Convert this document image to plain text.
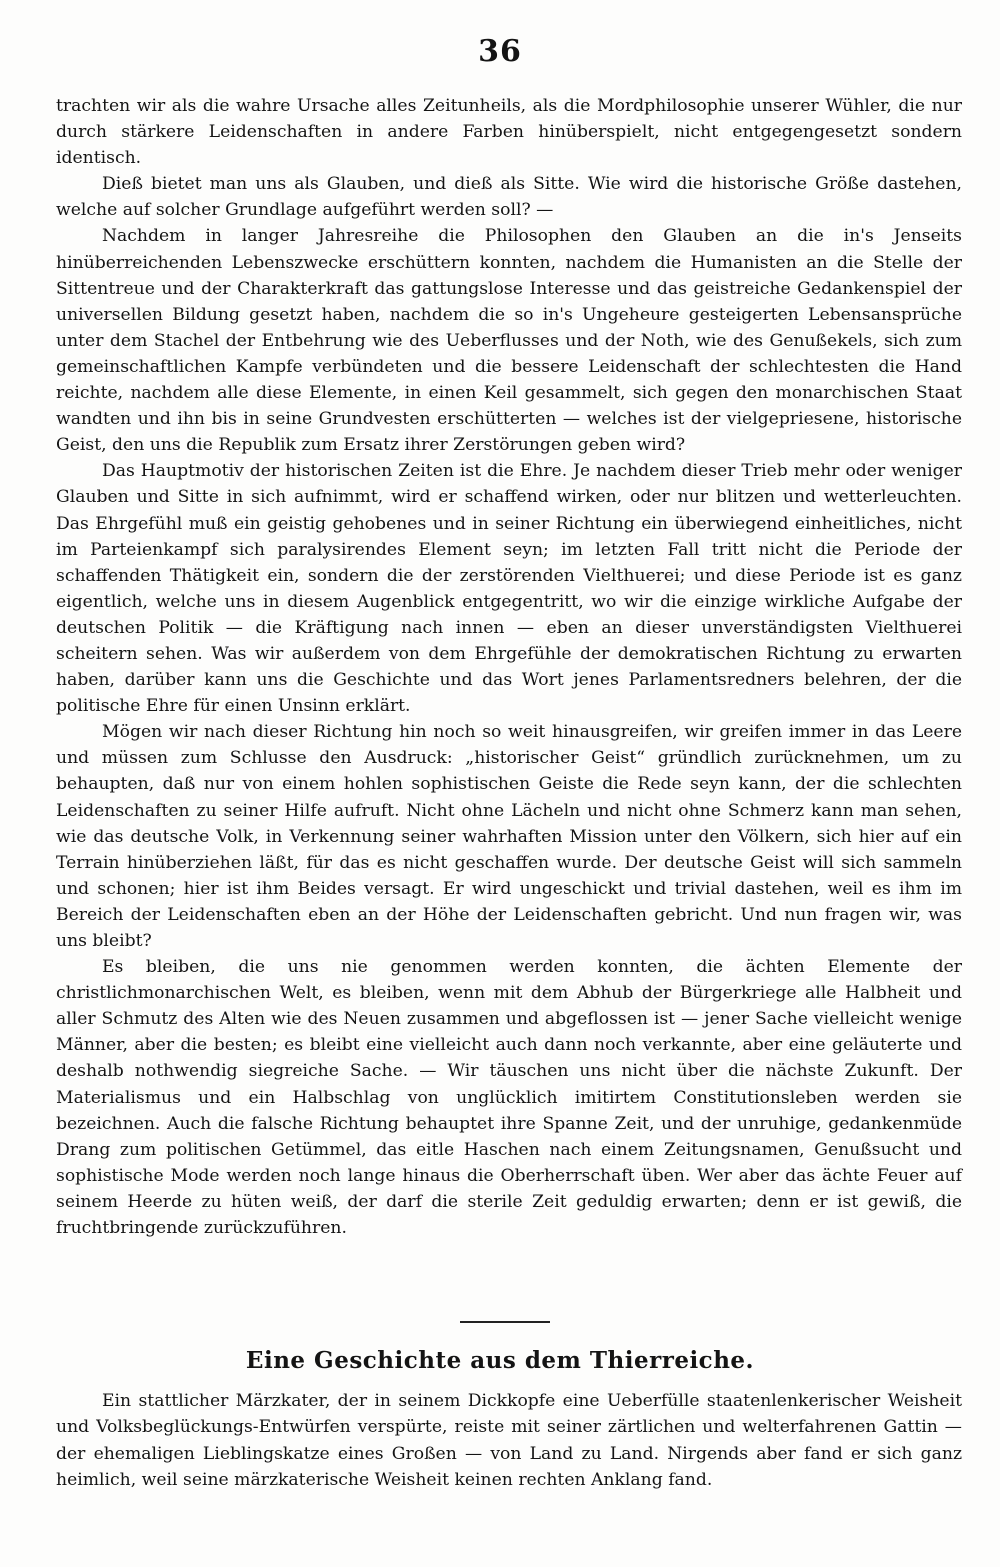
36

trachten wir als die wahre Ursache alles Zeitunheils, als die Mordphilosophie unserer Wühler, die nur durch stärkere Leidenschaften in andere Farben hinüberspielt, nicht entgegengesetzt sondern identisch.

Dieß bietet man uns als Glauben, und dieß als Sitte. Wie wird die historische Größe dastehen, welche auf solcher Grundlage aufgeführt werden soll? —

Nachdem in langer Jahresreihe die Philosophen den Glauben an die in's Jenseits hinüberreichenden Lebenszwecke erschüttern konnten, nachdem die Humanisten an die Stelle der Sittentreue und der Charakterkraft das gattungslose Interesse und das geistreiche Gedankenspiel der universellen Bildung gesetzt haben, nachdem die so in's Ungeheure gesteigerten Lebensansprüche unter dem Stachel der Entbehrung wie des Ueberflusses und der Noth, wie des Genußekels, sich zum gemeinschaftlichen Kampfe verbündeten und die bessere Leidenschaft der schlechtesten die Hand reichte, nachdem alle diese Elemente, in einen Keil gesammelt, sich gegen den monarchischen Staat wandten und ihn bis in seine Grundvesten erschütterten — welches ist der vielgepriesene, historische Geist, den uns die Republik zum Ersatz ihrer Zerstörungen geben wird?

Das Hauptmotiv der historischen Zeiten ist die Ehre. Je nachdem dieser Trieb mehr oder weniger Glauben und Sitte in sich aufnimmt, wird er schaffend wirken, oder nur blitzen und wetterleuchten. Das Ehrgefühl muß ein geistig gehobenes und in seiner Richtung ein überwiegend einheitliches, nicht im Parteienkampf sich paralysirendes Element seyn; im letzten Fall tritt nicht die Periode der schaffenden Thätigkeit ein, sondern die der zerstörenden Vielthuerei; und diese Periode ist es ganz eigentlich, welche uns in diesem Augenblick entgegentritt, wo wir die einzige wirkliche Aufgabe der deutschen Politik — die Kräftigung nach innen — eben an dieser unverständigsten Vielthuerei scheitern sehen. Was wir außerdem von dem Ehrgefühle der demokratischen Richtung zu erwarten haben, darüber kann uns die Geschichte und das Wort jenes Parlamentsredners belehren, der die politische Ehre für einen Unsinn erklärt.

Mögen wir nach dieser Richtung hin noch so weit hinausgreifen, wir greifen immer in das Leere und müssen zum Schlusse den Ausdruck: „historischer Geist“ gründlich zurücknehmen, um zu behaupten, daß nur von einem hohlen sophistischen Geiste die Rede seyn kann, der die schlechten Leidenschaften zu seiner Hilfe aufruft. Nicht ohne Lächeln und nicht ohne Schmerz kann man sehen, wie das deutsche Volk, in Verkennung seiner wahrhaften Mission unter den Völkern, sich hier auf ein Terrain hinüberziehen läßt, für das es nicht geschaffen wurde. Der deutsche Geist will sich sammeln und schonen; hier ist ihm Beides versagt. Er wird ungeschickt und trivial dastehen, weil es ihm im Bereich der Leidenschaften eben an der Höhe der Leidenschaften gebricht. Und nun fragen wir, was uns bleibt?

Es bleiben, die uns nie genommen werden konnten, die ächten Elemente der christlichmonarchischen Welt, es bleiben, wenn mit dem Abhub der Bürgerkriege alle Halbheit und aller Schmutz des Alten wie des Neuen zusammen und abgeflossen ist — jener Sache vielleicht wenige Männer, aber die besten; es bleibt eine vielleicht auch dann noch verkannte, aber eine geläuterte und deshalb nothwendig siegreiche Sache. — Wir täuschen uns nicht über die nächste Zukunft. Der Materialismus und ein Halbschlag von unglücklich imitirtem Constitutionsleben werden sie bezeichnen. Auch die falsche Richtung behauptet ihre Spanne Zeit, und der unruhige, gedankenmüde Drang zum politischen Getümmel, das eitle Haschen nach einem Zeitungsnamen, Genußsucht und sophistische Mode werden noch lange hinaus die Oberherrschaft üben. Wer aber das ächte Feuer auf seinem Heerde zu hüten weiß, der darf die sterile Zeit geduldig erwarten; denn er ist gewiß, die fruchtbringende zurückzuführen.

Eine Geschichte aus dem Thierreiche.

Ein stattlicher Märzkater, der in seinem Dickkopfe eine Ueberfülle staatenlenkerischer Weisheit und Volksbeglückungs-Entwürfen verspürte, reiste mit seiner zärtlichen und welterfahrenen Gattin — der ehemaligen Lieblingskatze eines Großen — von Land zu Land. Nirgends aber fand er sich ganz heimlich, weil seine märzkaterische Weisheit keinen rechten Anklang fand.
